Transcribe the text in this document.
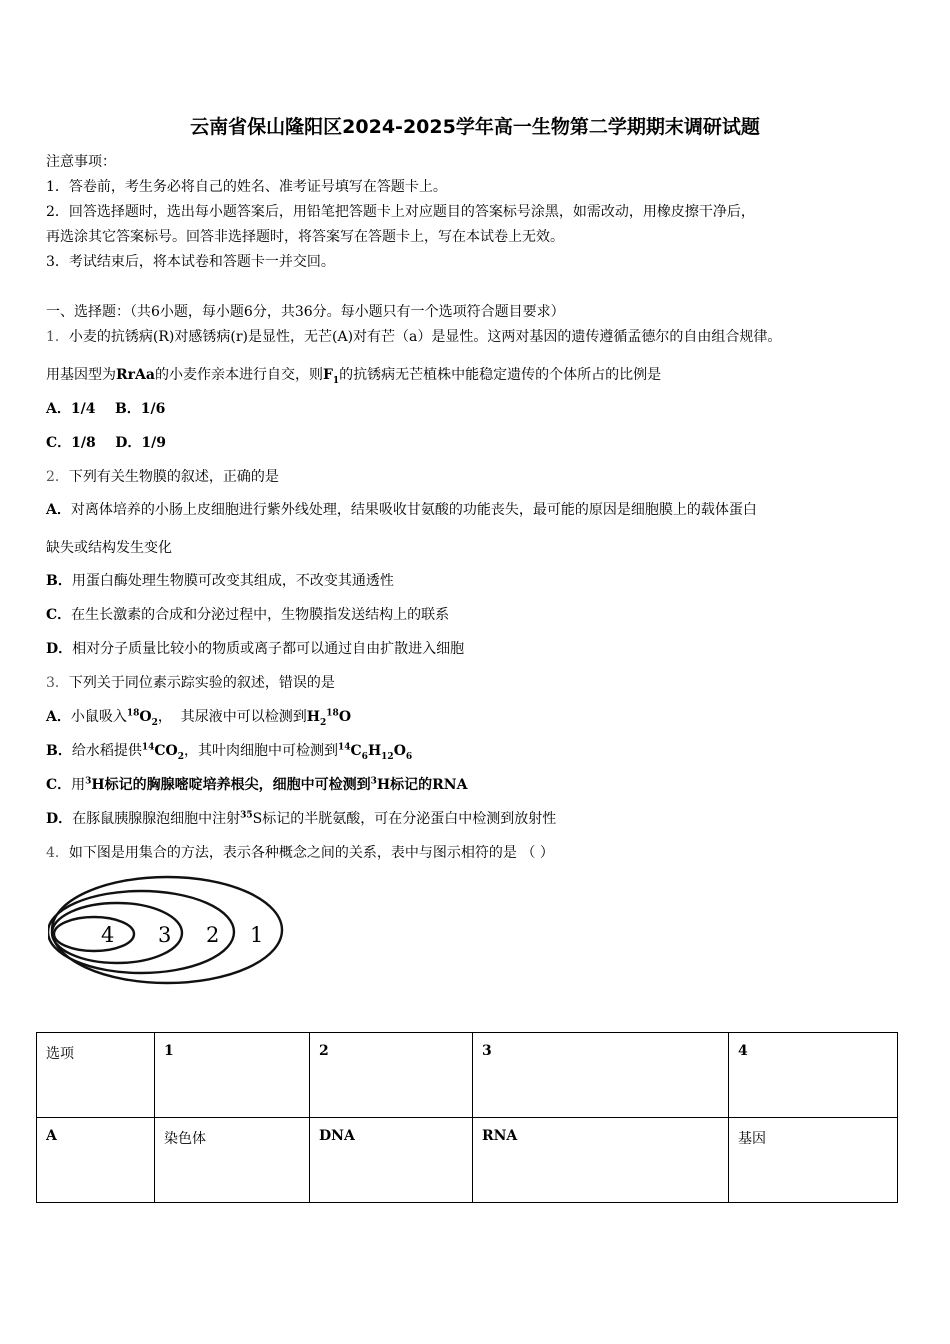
云南省保山隆阳区2024-2025学年高一生物第二学期期末调研试题
注意事项：
1．答卷前，考生务必将自己的姓名、准考证号填写在答题卡上。
2．回答选择题时，选出每小题答案后，用铅笔把答题卡上对应题目的答案标号涂黑，如需改动，用橡皮擦干净后，
再选涂其它答案标号。回答非选择题时，将答案写在答题卡上，写在本试卷上无效。
3．考试结束后，将本试卷和答题卡一并交回。
一、选择题：（共6小题，每小题6分，共36分。每小题只有一个选项符合题目要求）
1．小麦的抗锈病(R)对感锈病(r)是显性，无芒(A)对有芒（a）是显性。这两对基因的遗传遵循孟德尔的自由组合规律。
用基因型为RrAa的小麦作亲本进行自交，则$F_1$的抗锈病无芒植株中能稳定遗传的个体所占的比例是
A．1/4    B．1/6
C．1/8    D．1/9
2．下列有关生物膜的叙述，正确的是
A．对离体培养的小肠上皮细胞进行紫外线处理，结果吸收甘氨酸的功能丧失，最可能的原因是细胞膜上的载体蛋白
缺失或结构发生变化
B．用蛋白酶处理生物膜可改变其组成，不改变其通透性
C．在生长激素的合成和分泌过程中，生物膜指发送结构上的联系
D．相对分子质量比较小的物质或离子都可以通过自由扩散进入细胞
3．下列关于同位素示踪实验的叙述，错误的是
A．小鼠吸入$^{18}O_2$，  其尿液中可以检测到$H_2^{18}O$
B．给水稻提供$^{14}CO_2$，其叶肉细胞中可检测到$^{14}C_6H_{12}O_6$
C．用$^3$H标记的胸腺嘧啶培养根尖，细胞中可检测到$^3$H标记的RNA
D．在豚鼠胰腺腺泡细胞中注射$^{35}$S标记的半胱氨酸，可在分泌蛋白中检测到放射性
4．如下图是用集合的方法，表示各种概念之间的关系，表中与图示相符的是 （ ）
4 3 2 1
选项	1	2	3	4
A	染色体	DNA	RNA	基因
